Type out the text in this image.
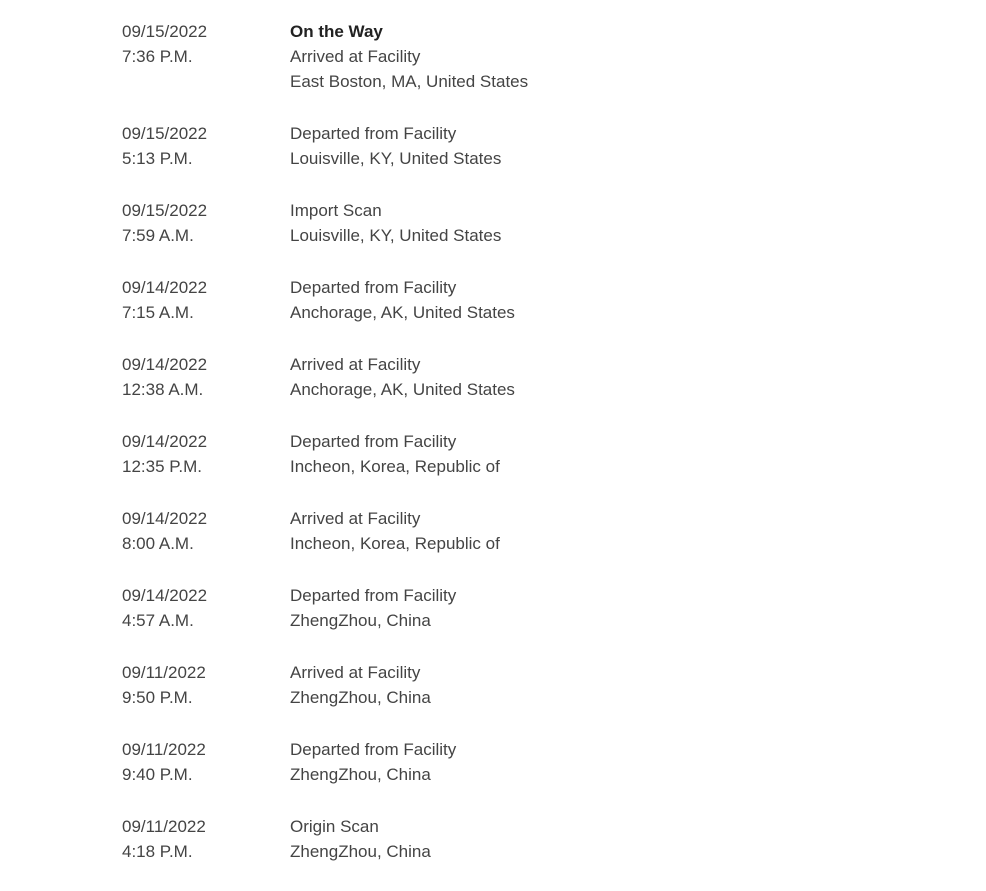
09/15/2022
7:36 P.M.
On the Way
Arrived at Facility
East Boston, MA, United States
09/15/2022
5:13 P.M.
Departed from Facility
Louisville, KY, United States
09/15/2022
7:59 A.M.
Import Scan
Louisville, KY, United States
09/14/2022
7:15 A.M.
Departed from Facility
Anchorage, AK, United States
09/14/2022
12:38 A.M.
Arrived at Facility
Anchorage, AK, United States
09/14/2022
12:35 P.M.
Departed from Facility
Incheon, Korea, Republic of
09/14/2022
8:00 A.M.
Arrived at Facility
Incheon, Korea, Republic of
09/14/2022
4:57 A.M.
Departed from Facility
ZhengZhou, China
09/11/2022
9:50 P.M.
Arrived at Facility
ZhengZhou, China
09/11/2022
9:40 P.M.
Departed from Facility
ZhengZhou, China
09/11/2022
4:18 P.M.
Origin Scan
ZhengZhou, China
